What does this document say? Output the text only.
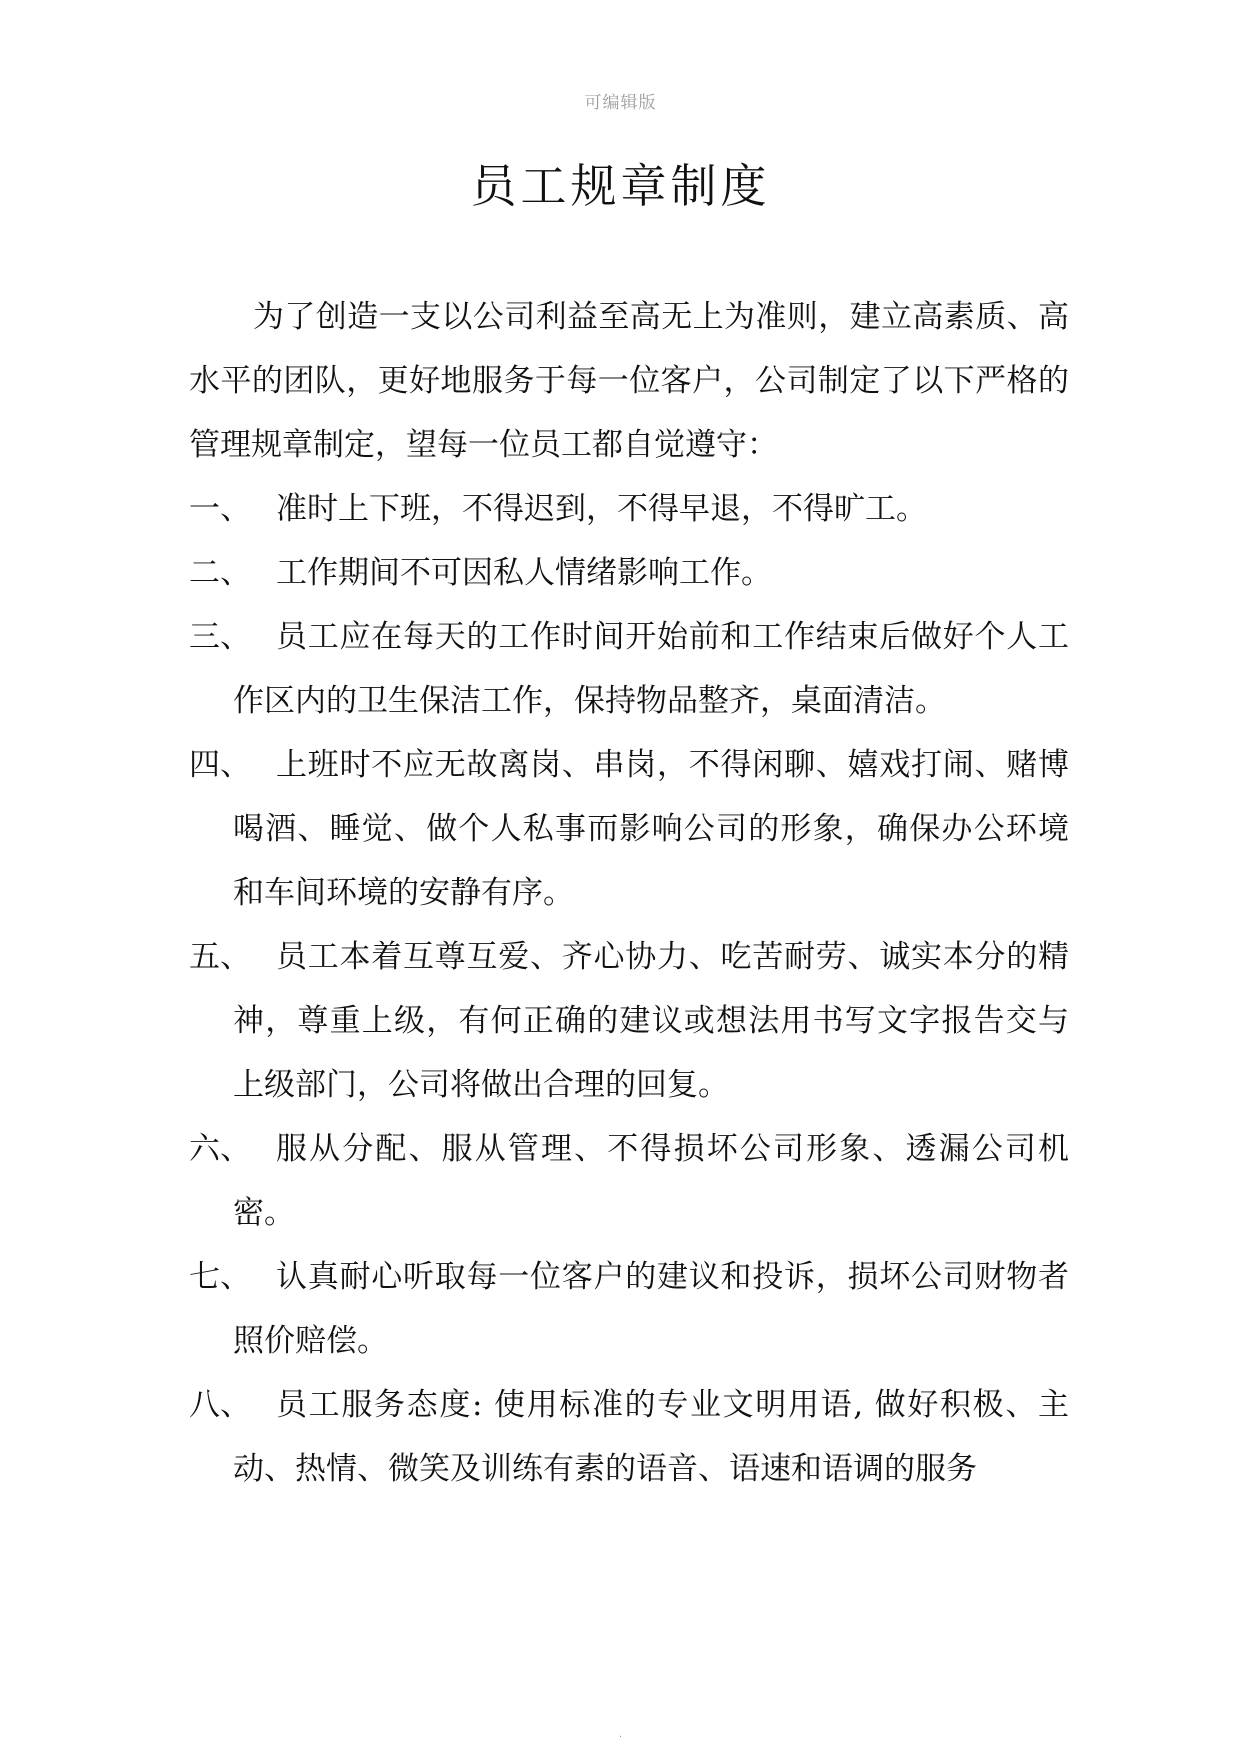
可编辑版
员工规章制度

为了创造一支以公司利益至高无上为准则，建立高素质、高水平的团队，更好地服务于每一位客户，公司制定了以下严格的管理规章制定，望每一位员工都自觉遵守：

一、 准时上下班，不得迟到，不得早退，不得旷工。
二、 工作期间不可因私人情绪影响工作。
三、 员工应在每天的工作时间开始前和工作结束后做好个人工作区内的卫生保洁工作，保持物品整齐，桌面清洁。
四、 上班时不应无故离岗、串岗，不得闲聊、嬉戏打闹、赌博喝酒、睡觉、做个人私事而影响公司的形象，确保办公环境和车间环境的安静有序。
五、 员工本着互尊互爱、齐心协力、吃苦耐劳、诚实本分的精神，尊重上级，有何正确的建议或想法用书写文字报告交与上级部门，公司将做出合理的回复。
六、 服从分配、服从管理、不得损坏公司形象、透漏公司机密。
七、 认真耐心听取每一位客户的建议和投诉，损坏公司财物者照价赔偿。
八、 员工服务态度: 使用标准的专业文明用语, 做好积极、主动、热情、微笑及训练有素的语音、语速和语调的服务
.
